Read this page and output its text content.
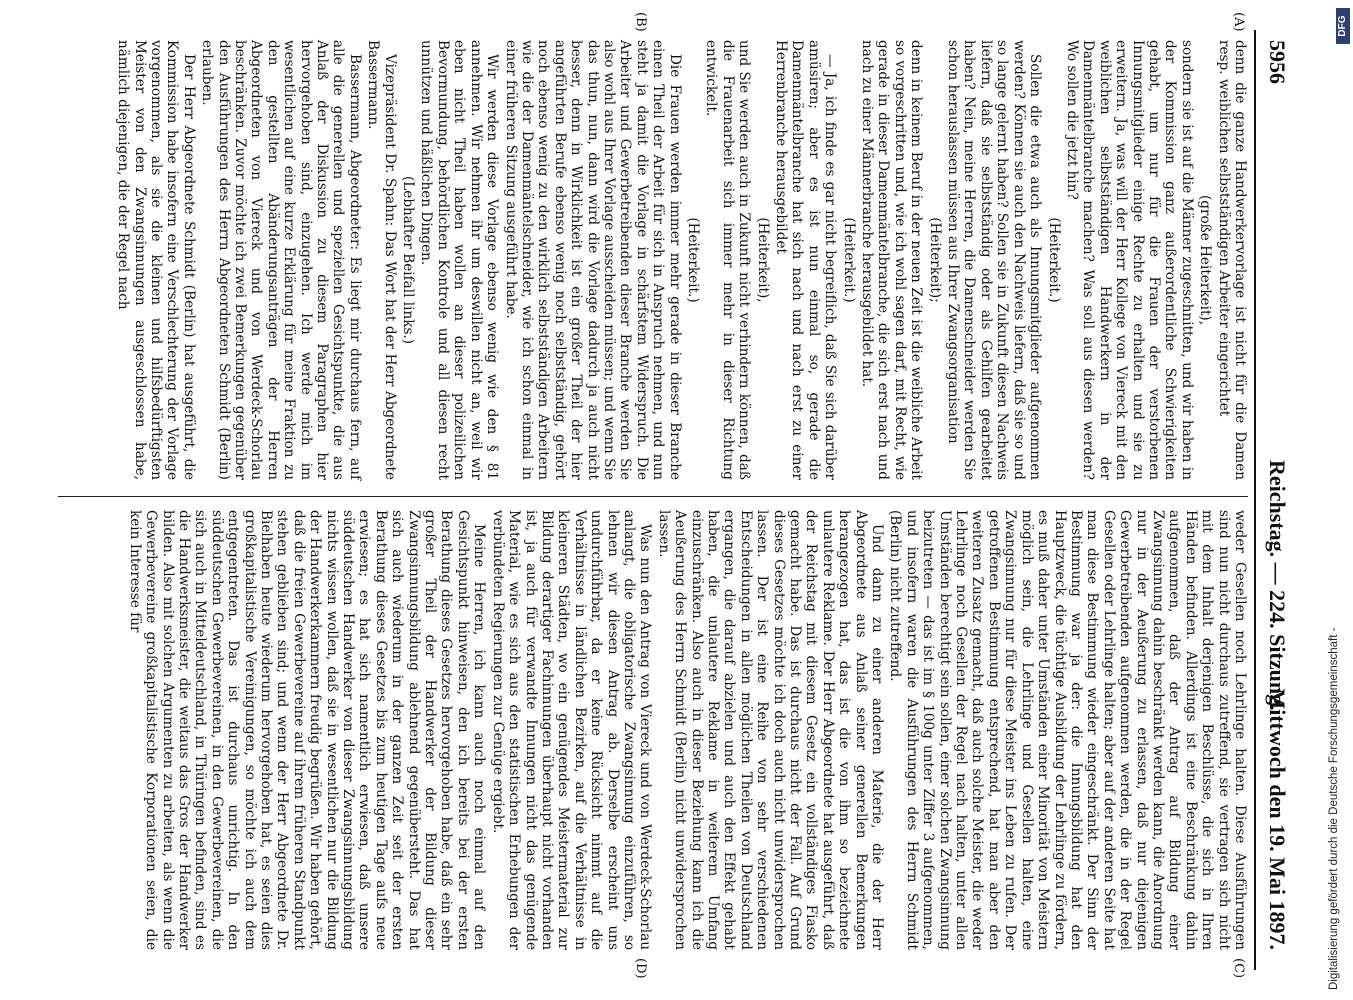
5956
Reichstag. — 224. Sitzung.
Mittwoch den 19. Mai 1897.
(A)
(B)

denn die ganze Handwerkervorlage ist nicht für die Damen resp. weiblichen selbstständigen Arbeiter eingerichtet

(große Heiterkeit),

sondern sie ist auf die Männer zugeschnitten, und wir haben in der Kommission ganz außerordentliche Schwierigkeiten gehabt, um nur für die Frauen der verstorbenen Innungsmitglieder einige Rechte zu erhalten und sie zu erweitern. Ja, was will der Herr Kollege von Viereck mit den weiblichen selbstständigen Handwerkern in der Damenmäntelbranche machen? Was soll aus diesen werden? Wo sollen die jetzt hin?

(Heiterkeit.)

Sollen die etwa auch als Innungsmitglieder aufgenommen werden? Können sie auch den Nachweis liefern, daß sie so und so lange gelernt haben? Sollen sie in Zukunft diesen Nachweis liefern, daß sie selbstständig oder als Gehilfen gearbeitet haben? Nein, meine Herren, die Damenschneider werden Sie schon herauslassen müssen aus Ihrer Zwangsorganisation

(Heiterkeit);

denn in keinem Beruf in der neuen Zeit ist die weibliche Arbeit so vorgeschritten und, wie ich wohl sagen darf, mit Recht, wie gerade in dieser Damenmäntelbranche, die sich erst nach und nach zu einer Männerbranche herausgebildet hat.

(Heiterkeit.)

— Ja, ich finde es gar nicht begreiflich, daß Sie sich darüber amüsiren; aber es ist nun einmal so, gerade die Damenmäntelbranche hat sich nach und nach erst zu einer Herrenbranche herausgebildet

(Heiterkeit),

und Sie werden auch in Zukunft nicht verhindern können, daß die Frauenarbeit sich immer mehr in dieser Richtung entwickelt.

(Heiterkeit.)

Die Frauen werden immer mehr gerade in dieser Branche einen Theil der Arbeit für sich in Anspruch nehmen, und nun steht ja damit die Vorlage in schärfstem Widerspruch. Die Arbeiter und Gewerbetreibenden dieser Branche werden Sie also wohl aus Ihrer Vorlage ausscheiden müssen; und wenn Sie das thun, nun, dann wird die Vorlage dadurch ja auch nicht besser, denn in Wirklichkeit ist ein großer Theil der hier angeführten Berufe ebenso wenig noch selbstständig, gehört noch ebenso wenig zu den wirklich selbstständigen Arbeitern wie die der Damenmäntelschneider, wie ich schon einmal in einer früheren Sitzung ausgeführt habe.

Wir werden diese Vorlage ebenso wenig wie den § 81 annehmen. Wir nehmen ihr um deswillen nicht an, weil wir eben nicht Theil haben wollen an dieser polizeilichen Bevormundung, behördlichen Kontrole und all diesen recht unnützen und häßlichen Dingen.

(Lebhafter Beifall links.)

Vizepräsident Dr. Spahn: Das Wort hat der Herr Abgeordnete Bassermann.

Bassermann, Abgeordneter: Es liegt mir durchaus fern, auf alle die generellen und speziellen Gesichtspunkte, die aus Anlaß der Diskussion zu diesem Paragraphen hier hervorgehoben sind, einzugehen. Ich werde mich im wesentlichen auf eine kurze Erklärung für meine Fraktion zu den gestellten Abänderungsanträgen der Herren Abgeordneten von Viereck und von Werdeck-Schorlau beschränken. Zuvor möchte ich zwei Bemerkungen gegenüber den Ausführungen des Herrn Abgeordneten Schmidt (Berlin) erlauben.

Der Herr Abgeordnete Schmidt (Berlin) hat ausgeführt, die Kommission habe insofern eine Verschlechterung der Vorlage vorgenommen, als sie die kleinen und hilfsbedürftigsten Meister von den Zwangsinnungen ausgeschlossen habe, nämlich diejenigen, die der Regel nach

(C)
(D)

weder Gesellen noch Lehrlinge halten. Diese Ausführungen sind nun nicht durchaus zutreffend, sie vertragen sich nicht mit dem Inhalt derjenigen Beschlüsse, die sich in Ihren Händen befinden. Allerdings ist eine Beschränkung dahin aufgenommen, daß der Antrag auf Bildung einer Zwangsinnung dahin beschränkt werden kann, die Anordnung nur in der Aeußerung zu erlassen, daß nur diejenigen Gewerbetreibenden aufgenommen werden, die in der Regel Gesellen oder Lehrlinge halten; aber auf der anderen Seite hat man diese Bestimmung wieder eingeschränkt. Der Sinn der Bestimmung war ja der: die Innungsbildung hat den Hauptzweck, die tüchtige Ausbildung der Lehrlinge zu fördern, es muß daher unter Umständen einer Minorität von Meistern möglich sein, die Lehrlinge und Gesellen halten, eine Zwangsinnung nur für diese Meister ins Leben zu rufen. Der getroffenen Bestimmung entsprechend, hat man aber den weiteren Zusatz gemacht, daß auch solche Meister, die weder Lehrlinge noch Gesellen der Regel nach halten, unter allen Umständen berechtigt sein sollen, einer solchen Zwangsinnung beizutreten — das ist im § 100g unter Ziffer 3 aufgenommen, und insofern waren die Ausführungen des Herrn Schmidt (Berlin) nicht zutreffend.

Und dann zu einer anderen Materie, die der Herr Abgeordnete aus Anlaß seiner generellen Bemerkungen herangezogen hat, das ist die von ihm so bezeichnete unlautere Reklame. Der Herr Abgeordnete hat ausgeführt, daß der Reichstag mit diesem Gesetz ein vollständiges Fiasko gemacht habe. Das ist durchaus nicht der Fall. Auf Grund dieses Gesetzes möchte ich doch auch nicht unwidersprochen lassen. Der ist eine Reihe von sehr verschiedenen Entscheidungen in allen möglichen Theilen von Deutschland ergangen, die darauf abzielen und auch den Effekt gehabt haben, die unlautere Reklame in weiterem Umfang einzuschränken. Also auch in dieser Beziehung kann ich die Aeußerung des Herrn Schmidt (Berlin) nicht unwidersprochen lassen.

Was nun den Antrag von Viereck und von Werdeck-Schorlau anlangt, die obligatorische Zwangsinnung einzuführen, so lehnen wir diesen Antrag ab. Derselbe erscheint uns undurchführbar, da er keine Rücksicht nimmt auf die Verhältnisse in ländlichen Bezirken, auf die Verhältnisse in kleineren Städten, wo ein genügendes Meistermaterial zur Bildung derartiger Fachinnungen überhaupt nicht vorhanden ist, ja auch für verwandte Innungen nicht das genügende Material, wie es sich aus den statistischen Erhebungen der verbündeten Regierungen zur Genüge ergiebt.

Meine Herren, ich kann auch noch einmal auf den Gesichtspunkt hinweisen, den ich bereits bei der ersten Berathung dieses Gesetzes hervorgehoben habe, daß ein sehr großer Theil der Handwerker der Bildung dieser Zwangsinnungsbildung ablehnend gegenübersteht. Das hat sich auch wiederum in der ganzen Zeit seit der ersten Berathung dieses Gesetzes bis zum heutigen Tage aufs neue erwiesen; es hat sich namentlich erwiesen, daß unsere süddeutschen Handwerker von dieser Zwangsinnungsbildung nichts wissen wollen, daß sie in wesentlichen nur die Bildung der Handwerkerkammern freudig begrüßen. Wir haben gehört, daß die freien Gewerbevereine auf ihrem früheren Standpunkt stehen geblieben sind; und wenn der Herr Abgeordnete Dr. Bielhaben heute wiederum hervorgehoben hat, es seien dies großkapitalistische Vereinigungen, so möchte ich auch dem entgegentreten. Das ist durchaus unrichtig. In den süddeutschen Gewerbevereinen, in den Gewerbevereinen, die sich auch in Mitteldeutschland, in Thüringen befinden, sind es die Handwerksmeister, die weitaus das Gros der Handwerker bilden. Also mit solchen Argumenten zu arbeiten, als wenn die Gewerbevereine großkapitalistische Korporationen seien, die kein Interesse für

Digitalisierung gefördert durch die Deutsche Forschungsgemeinschaft -
DFG
